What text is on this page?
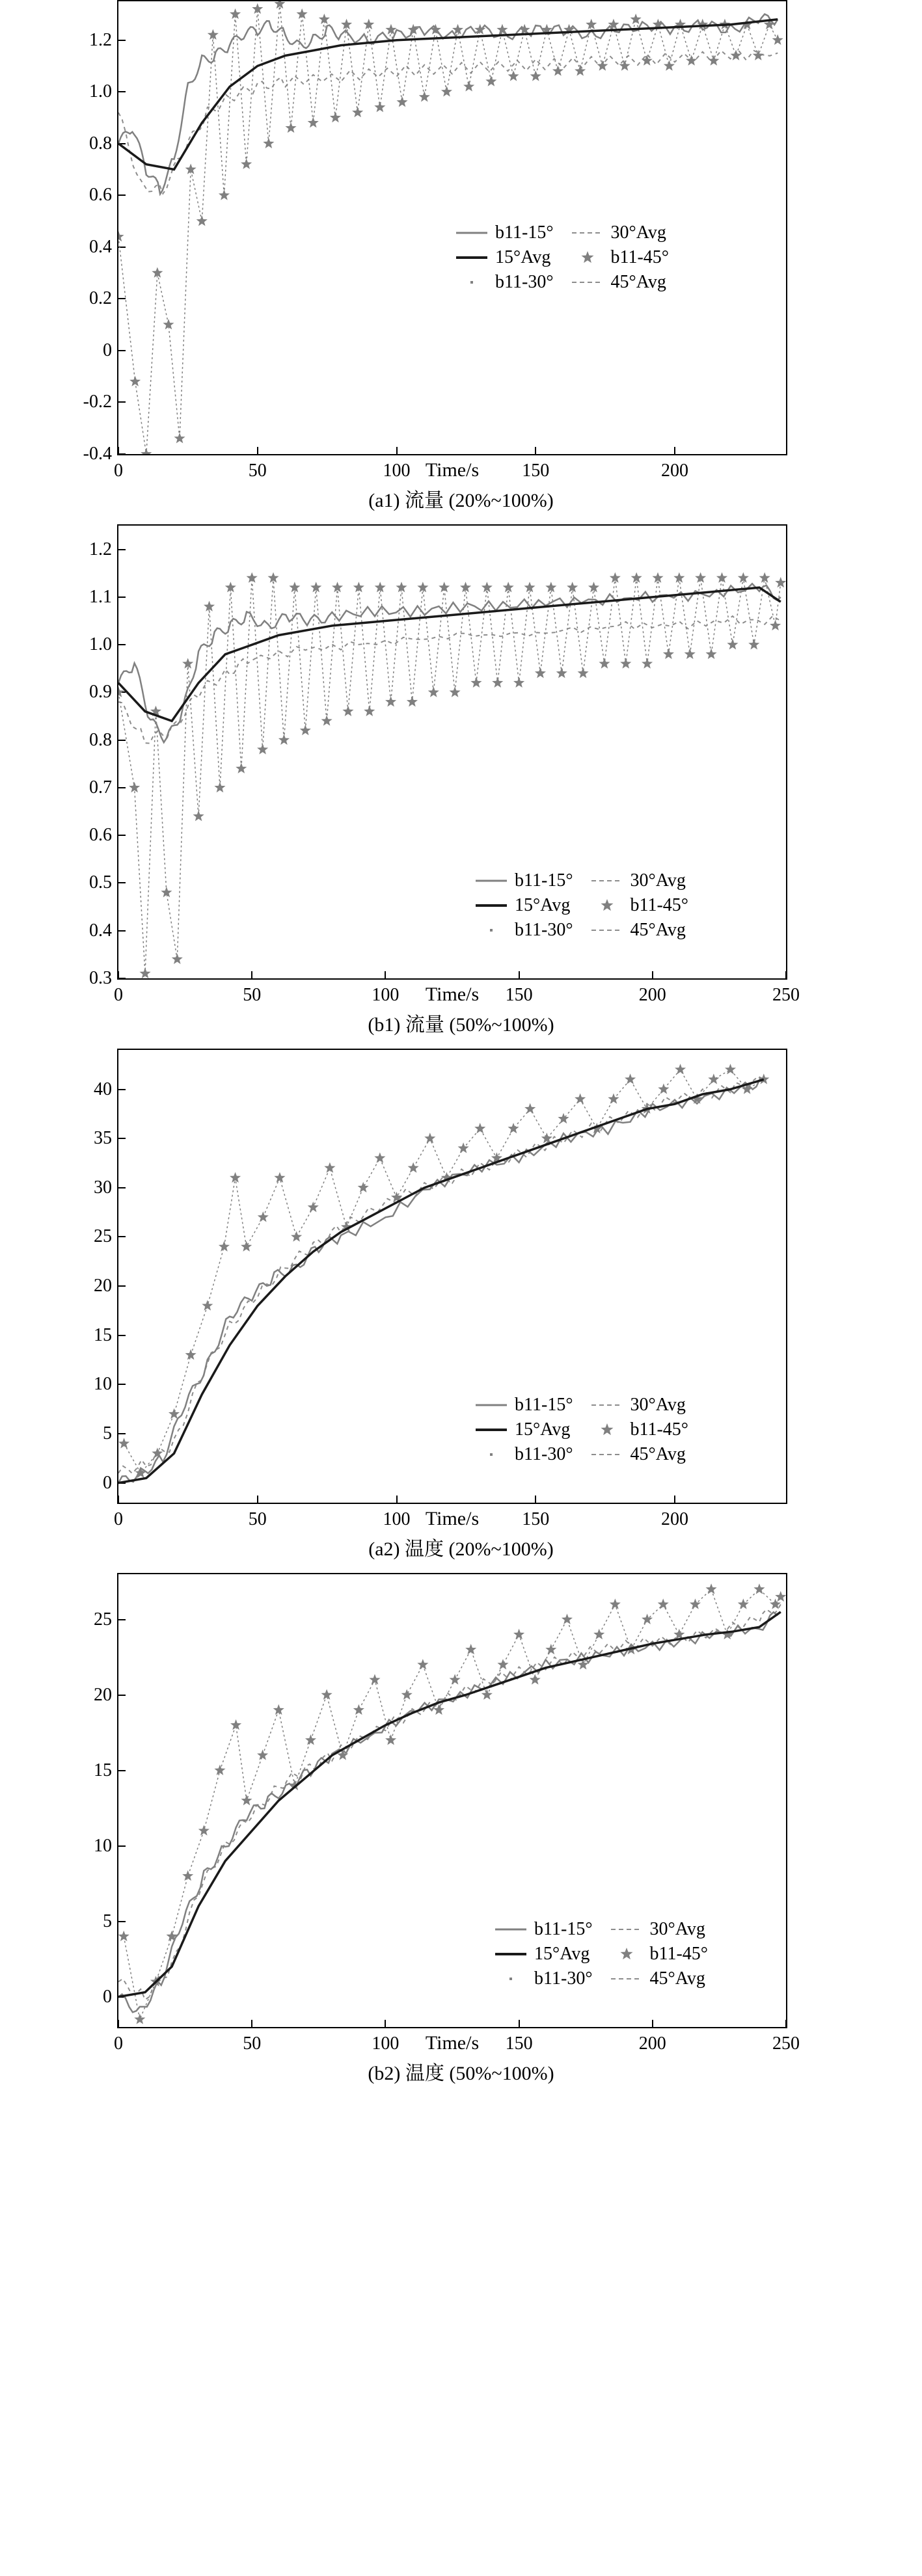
-0.4
-0.2
0
0.2
0.4
0.6
0.8
1.0
1.2
0	50	100	150	200
b11-15°	30°Avg
15°Avg	b11-45°
b11-30°	45°Avg
Time/s
(a1) 流量 (20%~100%)
0.3
0.4
0.5
0.6
0.7
0.8
0.9
1.0
1.1
1.2
0	50	100	150	200	250
b11-15°	30°Avg
15°Avg	b11-45°
b11-30°	45°Avg
Time/s
(b1) 流量 (50%~100%)
0
5
10
15
20
25
30
35
40
0	50	100	150	200
b11-15°	30°Avg
15°Avg	b11-45°
b11-30°	45°Avg
Time/s
(a2) 温度 (20%~100%)
0
5
10
15
20
25
0	50	100	150	200	250
b11-15°	30°Avg
15°Avg	b11-45°
b11-30°	45°Avg
Time/s
(b2) 温度 (50%~100%)
